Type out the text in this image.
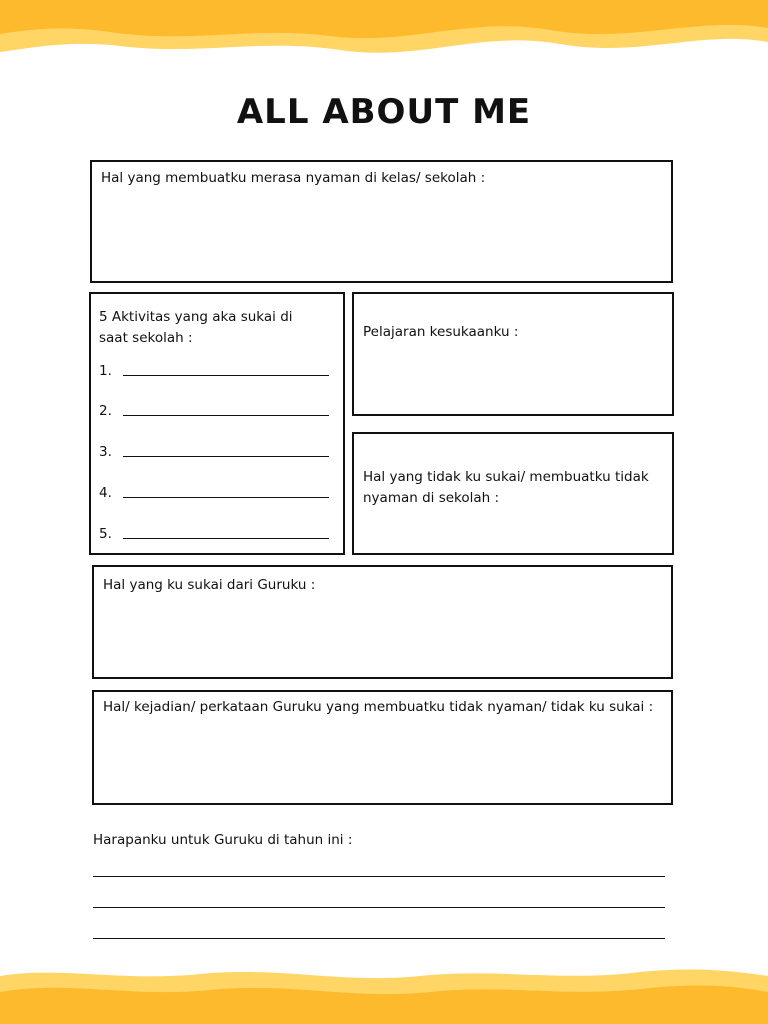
ALL ABOUT ME
Hal yang membuatku merasa nyaman di kelas/ sekolah :
5 Aktivitas yang aka sukai di saat sekolah :
1.
2.
3.
4.
5.
Pelajaran kesukaanku :
Hal yang tidak ku sukai/ membuatku tidak nyaman di sekolah :
Hal yang ku sukai dari Guruku :
Hal/ kejadian/ perkataan Guruku yang membuatku tidak nyaman/ tidak ku sukai :
Harapanku untuk Guruku di tahun ini :
